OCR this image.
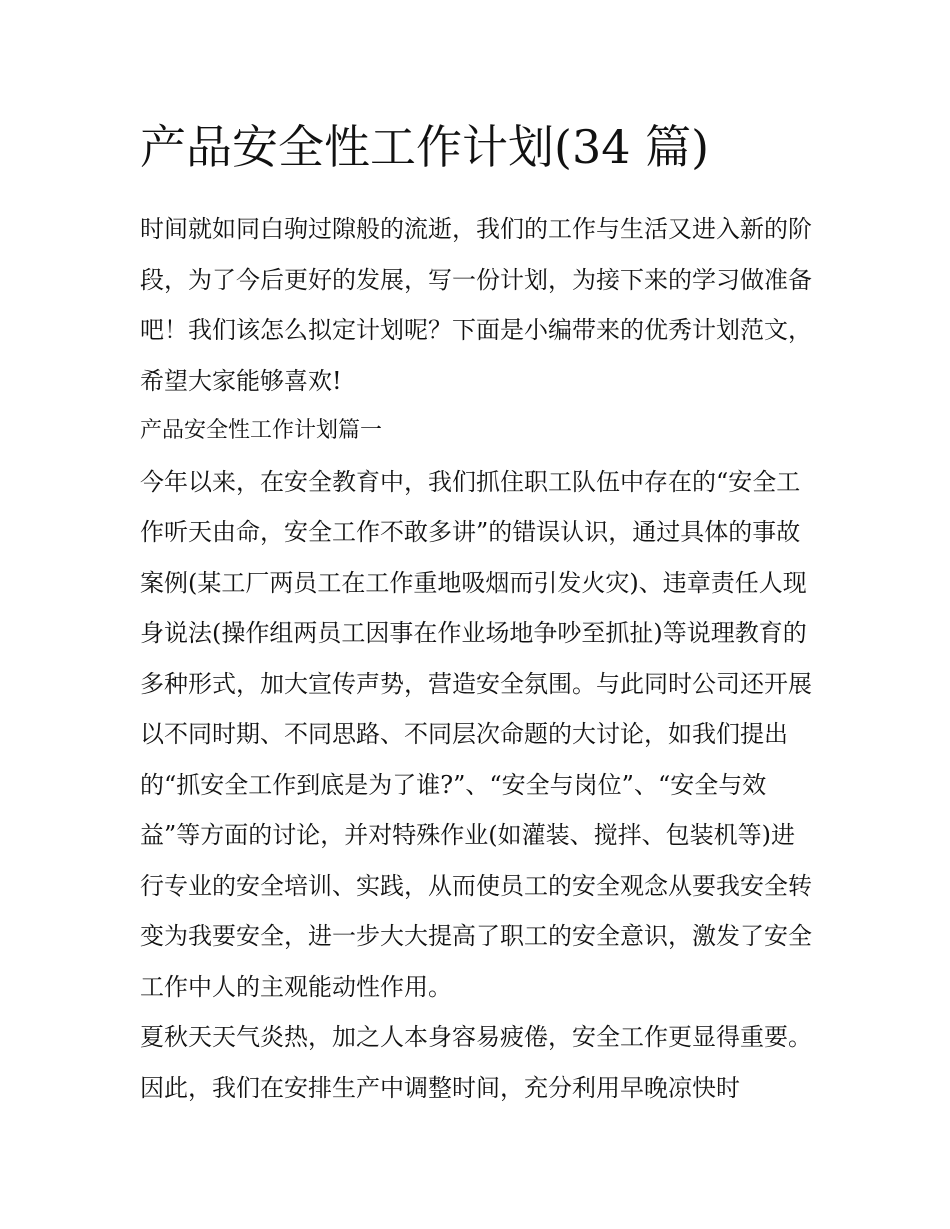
产品安全性工作计划(34 篇)

时间就如同白驹过隙般的流逝，我们的工作与生活又进入新的阶段，为了今后更好的发展，写一份计划，为接下来的学习做准备吧！我们该怎么拟定计划呢？下面是小编带来的优秀计划范文，希望大家能够喜欢!

产品安全性工作计划篇一

今年以来，在安全教育中，我们抓住职工队伍中存在的“安全工作听天由命，安全工作不敢多讲”的错误认识，通过具体的事故案例(某工厂两员工在工作重地吸烟而引发火灾)、违章责任人现身说法(操作组两员工因事在作业场地争吵至抓扯)等说理教育的多种形式，加大宣传声势，营造安全氛围。与此同时公司还开展以不同时期、不同思路、不同层次命题的大讨论，如我们提出的“抓安全工作到底是为了谁?”、“安全与岗位”、“安全与效益”等方面的讨论，并对特殊作业(如灌装、搅拌、包装机等)进行专业的安全培训、实践，从而使员工的安全观念从要我安全转变为我要安全，进一步大大提高了职工的安全意识，激发了安全工作中人的主观能动性作用。

夏秋天天气炎热，加之人本身容易疲倦，安全工作更显得重要。因此，我们在安排生产中调整时间，充分利用早晚凉快时
